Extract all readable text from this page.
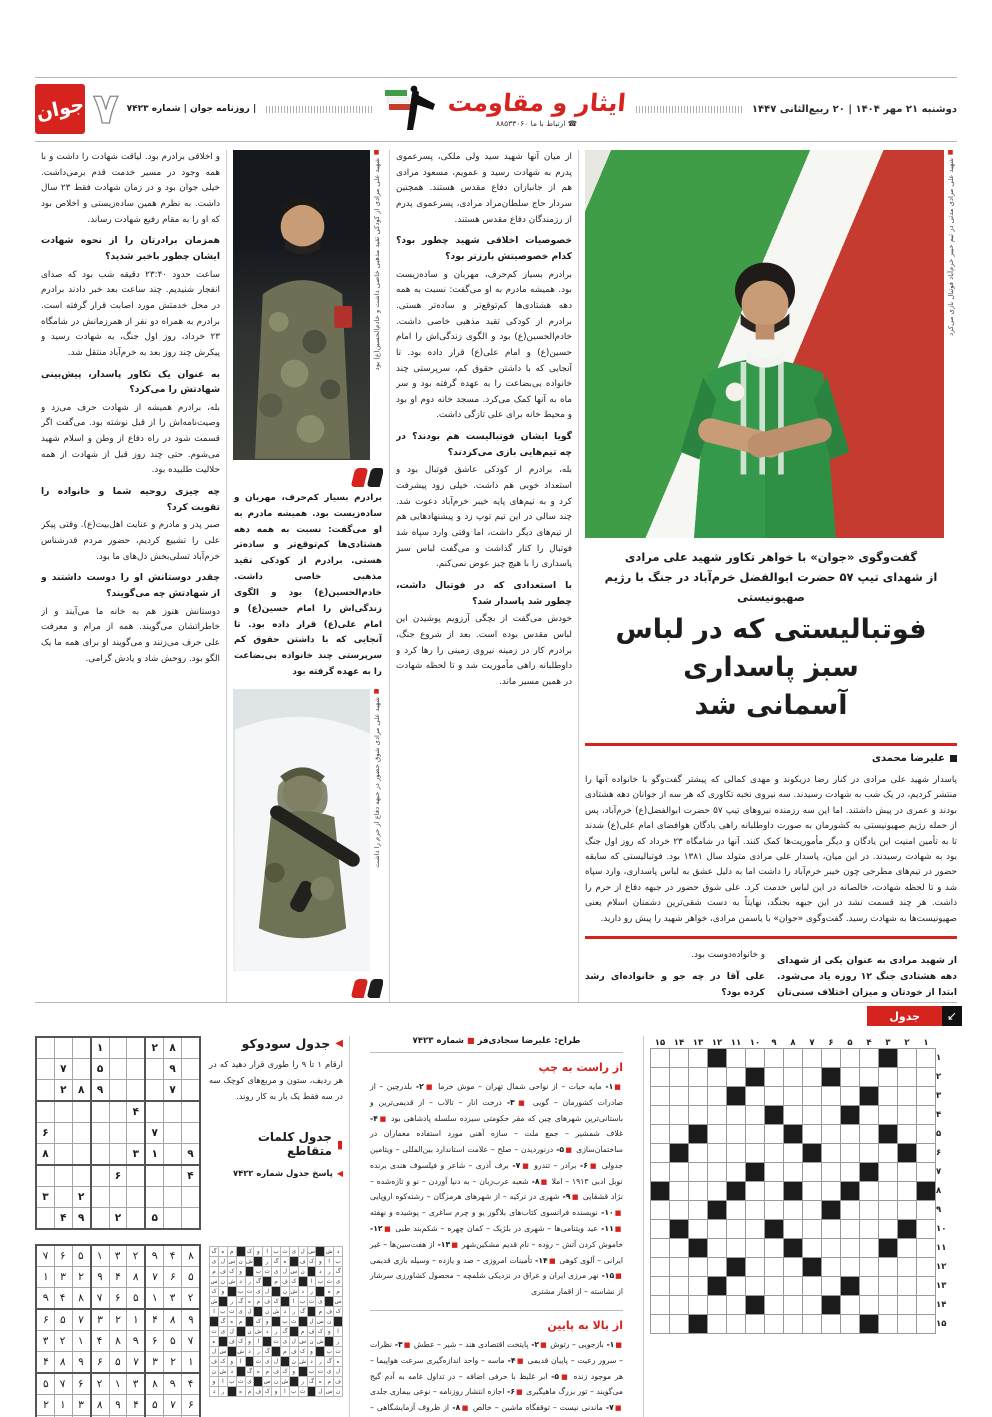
دوشنبه ۲۱ مهر ۱۴۰۴ | ۲۰ ربیع‌الثانی ۱۴۴۷
ایثار و مقاومت
☎ ارتباط با ما ۸۸۵۳۳۰۶۰
| روزنامه جوان | شماره ۷۴۲۳
۷
جوان
■
شهید علی مرادی مدتی در تیم خیبر خرم‌آباد فوتبال بازی می‌کرد
گفت‌وگوی «جوان» با خواهر تکاور شهید علی مرادی
از شهدای تیپ ۵۷ حضرت ابوالفضل خرم‌آباد در جنگ با رژیم صهیونیستی
فوتبالیستی که در لباس سبز پاسداری
آسمانی شد
علیرضا محمدی

پاسدار شهید علی مرادی در کنار رضا دریکوند و مهدی کمالی که پیشتر گفت‌وگو با خانواده آنها را منتشر کردیم، در یک شب به شهادت رسیدند. سه نیروی نخبه تکاوری که هر سه از جوانان دهه هشتادی بودند و عمری در پیش داشتند. اما این سه رزمنده نیروهای تیپ ۵۷ حضرت ابوالفضل(ع) خرم‌آباد، پس از حمله رژیم صهیونیستی به کشورمان به صورت داوطلبانه راهی یادگان هوافضای امام علی(ع) شدند تا به تأمین امنیت این یادگان و دیگر مأموریت‌ها کمک کنند. آنها در شامگاه ۲۳ خرداد که روز اول جنگ بود به شهادت رسیدند. در این میان، پاسدار علی مرادی متولد سال ۱۳۸۱ بود. فوتبالیستی که سابقه حضور در تیم‌های مطرحی چون خیبر خرم‌آباد را داشت اما به دلیل عشق به لباس پاسداری، وارد سپاه شد و تا لحظه شهادت، خالصانه در این لباس خدمت کرد. علی شوق حضور در جبهه دفاع از حرم را داشت. هر چند قسمت نشد در این جبهه بجنگد، نهایتاً به دست شقی‌ترین دشمنان اسلام یعنی صهیونیست‌ها به شهادت رسید. گفت‌وگوی «جوان» با یاسمن مرادی، خواهر شهید را پیش رو دارید.

از شهید مرادی به عنوان یکی از شهدای دهه هشتادی جنگ ۱۲ روزه یاد می‌شود. ابتدا از خودتان و میزان اختلاف سنی‌تان

و خانواده‌دوست بود.

علی آقا در چه جو و خانواده‌ای رشد کرده بود؟

از میان آنها شهید سید ولی ملکی، پسرعموی پدرم به شهادت رسید و عمویم، مسعود مرادی هم از جانبازان دفاع مقدس هستند. همچنین سردار حاج سلطان‌مراد مرادی، پسرعموی پدرم از رزمندگان دفاع مقدس هستند.

خصوصیات اخلاقی شهید چطور بود؟ کدام خصوصیتش بارزتر بود؟

برادرم بسیار کم‌حرف، مهربان و ساده‌زیست بود. همیشه مادرم به او می‌گفت: نسبت به همه دهه هشتادی‌ها کم‌توقع‌تر و ساده‌تر هستی. برادرم از کودکی تقید مذهبی خاصی داشت. خادم‌الحسین(ع) بود و الگوی زندگی‌اش را امام حسین(ع) و امام علی(ع) قرار داده بود. تا آنجایی که با داشتن حقوق کم، سرپرستی چند خانواده بی‌بضاعت را به عهده گرفته بود و سر ماه به آنها کمک می‌کرد. مسجد خانه دوم او بود و محیط خانه برای علی تازگی داشت.

گویا ایشان فوتبالیست هم بودند؟ در چه تیم‌هایی بازی می‌کردند؟

بله، برادرم از کودکی عاشق فوتبال بود و استعداد خوبی هم داشت. خیلی زود پیشرفت کرد و به تیم‌های پایه خیبر خرم‌آباد دعوت شد. چند سالی در این تیم توپ زد و پیشنهادهایی هم از تیم‌های دیگر داشت، اما وقتی وارد سپاه شد فوتبال را کنار گذاشت و می‌گفت لباس سبز پاسداری را با هیچ چیز عوض نمی‌کنم.

با استعدادی که در فوتبال داشت، چطور شد پاسدار شد؟

خودش می‌گفت از بچگی آرزویم پوشیدن این لباس مقدس بوده است. بعد از شروع جنگ، برادرم کار در زمینه نیروی زمینی را رها کرد و داوطلبانه راهی مأموریت شد و تا لحظه شهادت در همین مسیر ماند.

■
شهید علی مرادی از کودکی تقید مذهبی خاصی داشت و خادم‌الحسین(ع) بود

برادرم بسیار کم‌حرف، مهربان و ساده‌زیست بود. همیشه مادرم به او می‌گفت: نسبت به همه دهه هشتادی‌ها کم‌توقع‌تر و ساده‌تر هستی. برادرم از کودکی تقید مذهبی خاصی داشت. خادم‌الحسین(ع) بود و الگوی زندگی‌اش را امام حسین(ع) و امام علی(ع) قرار داده بود. تا آنجایی که با داشتن حقوق کم سرپرستی چند خانواده بی‌بضاعت را به عهده گرفته بود

■
شهید علی مرادی شوق حضور در جبهه دفاع از حرم را داشت

و اخلاقی برادرم بود. لیاقت شهادت را داشت و با همه وجود در مسیر خدمت قدم برمی‌داشت. خیلی جوان بود و در زمان شهادت فقط ۲۳ سال داشت. به نظرم همین ساده‌زیستی و اخلاص بود که او را به مقام رفیع شهادت رساند.

همزمان برادرتان را از نحوه شهادت ایشان چطور باخبر شدید؟

ساعت حدود ۲۳:۴۰ دقیقه شب بود که صدای انفجار شنیدیم. چند ساعت بعد خبر دادند برادرم در محل خدمتش مورد اصابت قرار گرفته است. برادرم به همراه دو نفر از همرزمانش در شامگاه ۲۳ خرداد، روز اول جنگ، به شهادت رسید و پیکرش چند روز بعد به خرم‌آباد منتقل شد.

به عنوان یک تکاور پاسدار، پیش‌بینی شهادتش را می‌کرد؟

بله، برادرم همیشه از شهادت حرف می‌زد و وصیت‌نامه‌اش را از قبل نوشته بود. می‌گفت اگر قسمت شود در راه دفاع از وطن و اسلام شهید می‌شوم. حتی چند روز قبل از شهادت از همه حلالیت طلبیده بود.

چه چیزی روحیه شما و خانواده را تقویت کرد؟

صبر پدر و مادرم و عنایت اهل‌بیت(ع). وقتی پیکر علی را تشییع کردیم، حضور مردم قدرشناس خرم‌آباد تسلی‌بخش دل‌های ما بود.

چقدر دوستانش او را دوست داشتند و از شهادتش چه می‌گویند؟

دوستانش هنوز هم به خانه ما می‌آیند و از خاطراتشان می‌گویند. همه از مرام و معرفت علی حرف می‌زنند و می‌گویند او برای همه ما یک الگو بود. روحش شاد و یادش گرامی.

↙
جدول
	۱	۲	۳	۴	۵	۶	۷	۸	۹	۱۰	۱۱	۱۲	۱۳	۱۴	۱۵
۱															
۲															
۳															
۴															
۵															
۶															
۷															
۸															
۹															
۱۰															
۱۱															
۱۲															
۱۳															
۱۴															
۱۵															
طراح: علیرضا سجادی‌فر ■ شماره ۷۴۲۳
از راست به چپ
■۱- مایه حیات – از نواحی شمال تهران – موش خرما ■۲- بلدرچین – از صادرات کشورمان – گویی ■۳- درخت انار – تالاب – از قدیمی‌ترین و باستانی‌ترین شهرهای چین که مقر حکومتی سیزده سلسله پادشاهی بود ■۴- غلاف شمشیر – جمع ملت – سازه آهنی مورد استفاده معماران در ساختمان‌سازی ■۵- درنوردیدن – صلح – علامت استاندارد بین‌المللی – ویتامین جدولی ■۶- برادر – تندرو ■۷- برف آذری – شاعر و فیلسوف هندی برنده نوبل ادبی ۱۹۱۳ – املا ■۸- شعبه عرب‌زبان – به دنیا آوردن – نو و تازه‌شده – نژاد قشقایی ■۹- شهری در ترکیه – از شهرهای هرمزگان – رشته‌کوه اروپایی ■۱۰- نویسنده فرانسوی کتاب‌های بلاگور یو و چرم ساغری – پوشیده و نهفته ■۱۱- عید ویتنامی‌ها – شهری در بلژیک – کمان چهره – شکم‌بند طبی ■۱۲- خاموش کردن آتش – روده – نام قدیم مشکین‌شهر ■۱۳- از هفت‌سین‌ها – غیر ایرانی – آلوی کوهی ■۱۴- تأمینات امروزی – صد و یازده – وسیله بازی قدیمی ■۱۵- نهر مرزی ایران و عراق در نزدیکی شلمچه – محصول کشاورزی سرشار از نشاسته – از اقمار مشتری
از بالا به پایین
■۱- بازجویی – رتوش ■۲- پایتخت اقتصادی هند – شیر – عطش ■۳- نظرات – سرور رعیت – پایبان قدیمی ■۴- ماسه – واحد اندازه‌گیری سرعت هواپیما – هر موجود زنده ■۵- ابر غلیظ با حرفی اضافه – در تداول عامه به آدم گیج می‌گویند – تور بزرگ ماهیگیری ■۶- اجازه انتشار روزنامه – نوعی بیماری جلدی ■۷- ماندنی نیست – توقفگاه ماشین – خالص ■۸- از ظروف آزمایشگاهی –
◀
جدول سودوکو
ارقام ۱ تا ۹ را طوری قرار دهید که در هر ردیف، ستون و مربع‌های کوچک سه در سه فقط یک بار به کار روند.
▮
جدول کلمات متقاطع
◀
پاسخ جدول شماره ۷۴۲۲
			۱			۲	۸	
	۷		۵				۹	
	۲	۸	۹				۷	
					۴			
۶						۷		
۸					۳	۱		۹
				۶				۴
۳		۲						
	۴	۹		۲		۵		
د	ش		س	ل	ی	ت	ب	ا	و	ک		م	ه	گ
ب	ا	و	ک	ف		ه	گ	ر		ش	ن	س	ل	ی
گ	ر	د		ن	س	ل	ی	ت	ب		و	ک	ف	م
ی	ت	ب	ا		ک	ف	م		گ	ر	د	ش	ن	س
م	ه		ر	د	ش	ن		ل	ی	ت	ب		و	ک
س		ی	ت	ب	ا		ک	ف	م	ه	گ	ر		ش
ک	ف	م		گ	ر	د	ش	ن		ل	ی	ت	ب	ا
	ن	س	ل		ت	ب		و	ک		م	ه	گ	
ا	و	ک	ف	م		گ	ر	د	ش	ن		ل	ی	ت
ر		ش	ن	س	ل	ی	ت		ا	و	ک	ف		ه
ت	ب		و	ک	ف	م		گ	ر	د	ش		س	ل
ه	گ	ر	د	ش	ن		ل	ی	ت		ا	و	ک	ف
ل	ی	ت	ب		و	ک	ف	م	ه	گ		د	ش	ن
ف	م	ه	گ	ر		ش	ن	س		ی	ت	ب	ا	و
ن	س	ل		ت	ب	ا	و	ک	ف	م	ه		ر	د
۷	۶	۵	۱	۳	۲	۹	۴	۸
۱	۳	۲	۹	۴	۸	۷	۶	۵
۹	۴	۸	۷	۶	۵	۱	۳	۲
۶	۵	۷	۳	۲	۱	۴	۸	۹
۳	۲	۱	۴	۸	۹	۶	۵	۷
۴	۸	۹	۶	۵	۷	۳	۲	۱
۵	۷	۶	۲	۱	۳	۸	۹	۴
۲	۱	۳	۸	۹	۴	۵	۷	۶
